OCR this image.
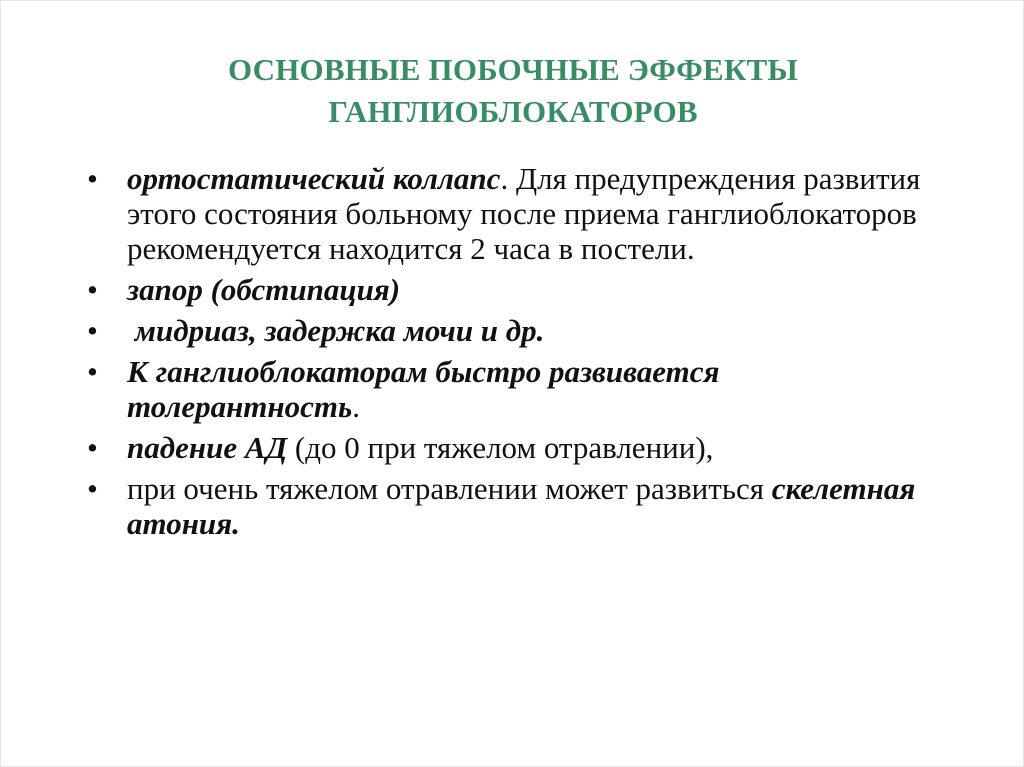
ОСНОВНЫЕ ПОБОЧНЫЕ ЭФФЕКТЫ
ГАНГЛИОБЛОКАТОРОВ
• ортостатический коллапс. Для предупреждения развития этого состояния больному после приема ганглиоблокаторов рекомендуется находится 2 часа в постели.
• запор (обстипация)
• мидриаз, задержка мочи и др.
• К ганглиоблокаторам быстро развивается толерантность.
• падение АД (до 0 при тяжелом отравлении),
• при очень тяжелом отравлении может развиться скелетная атония.
